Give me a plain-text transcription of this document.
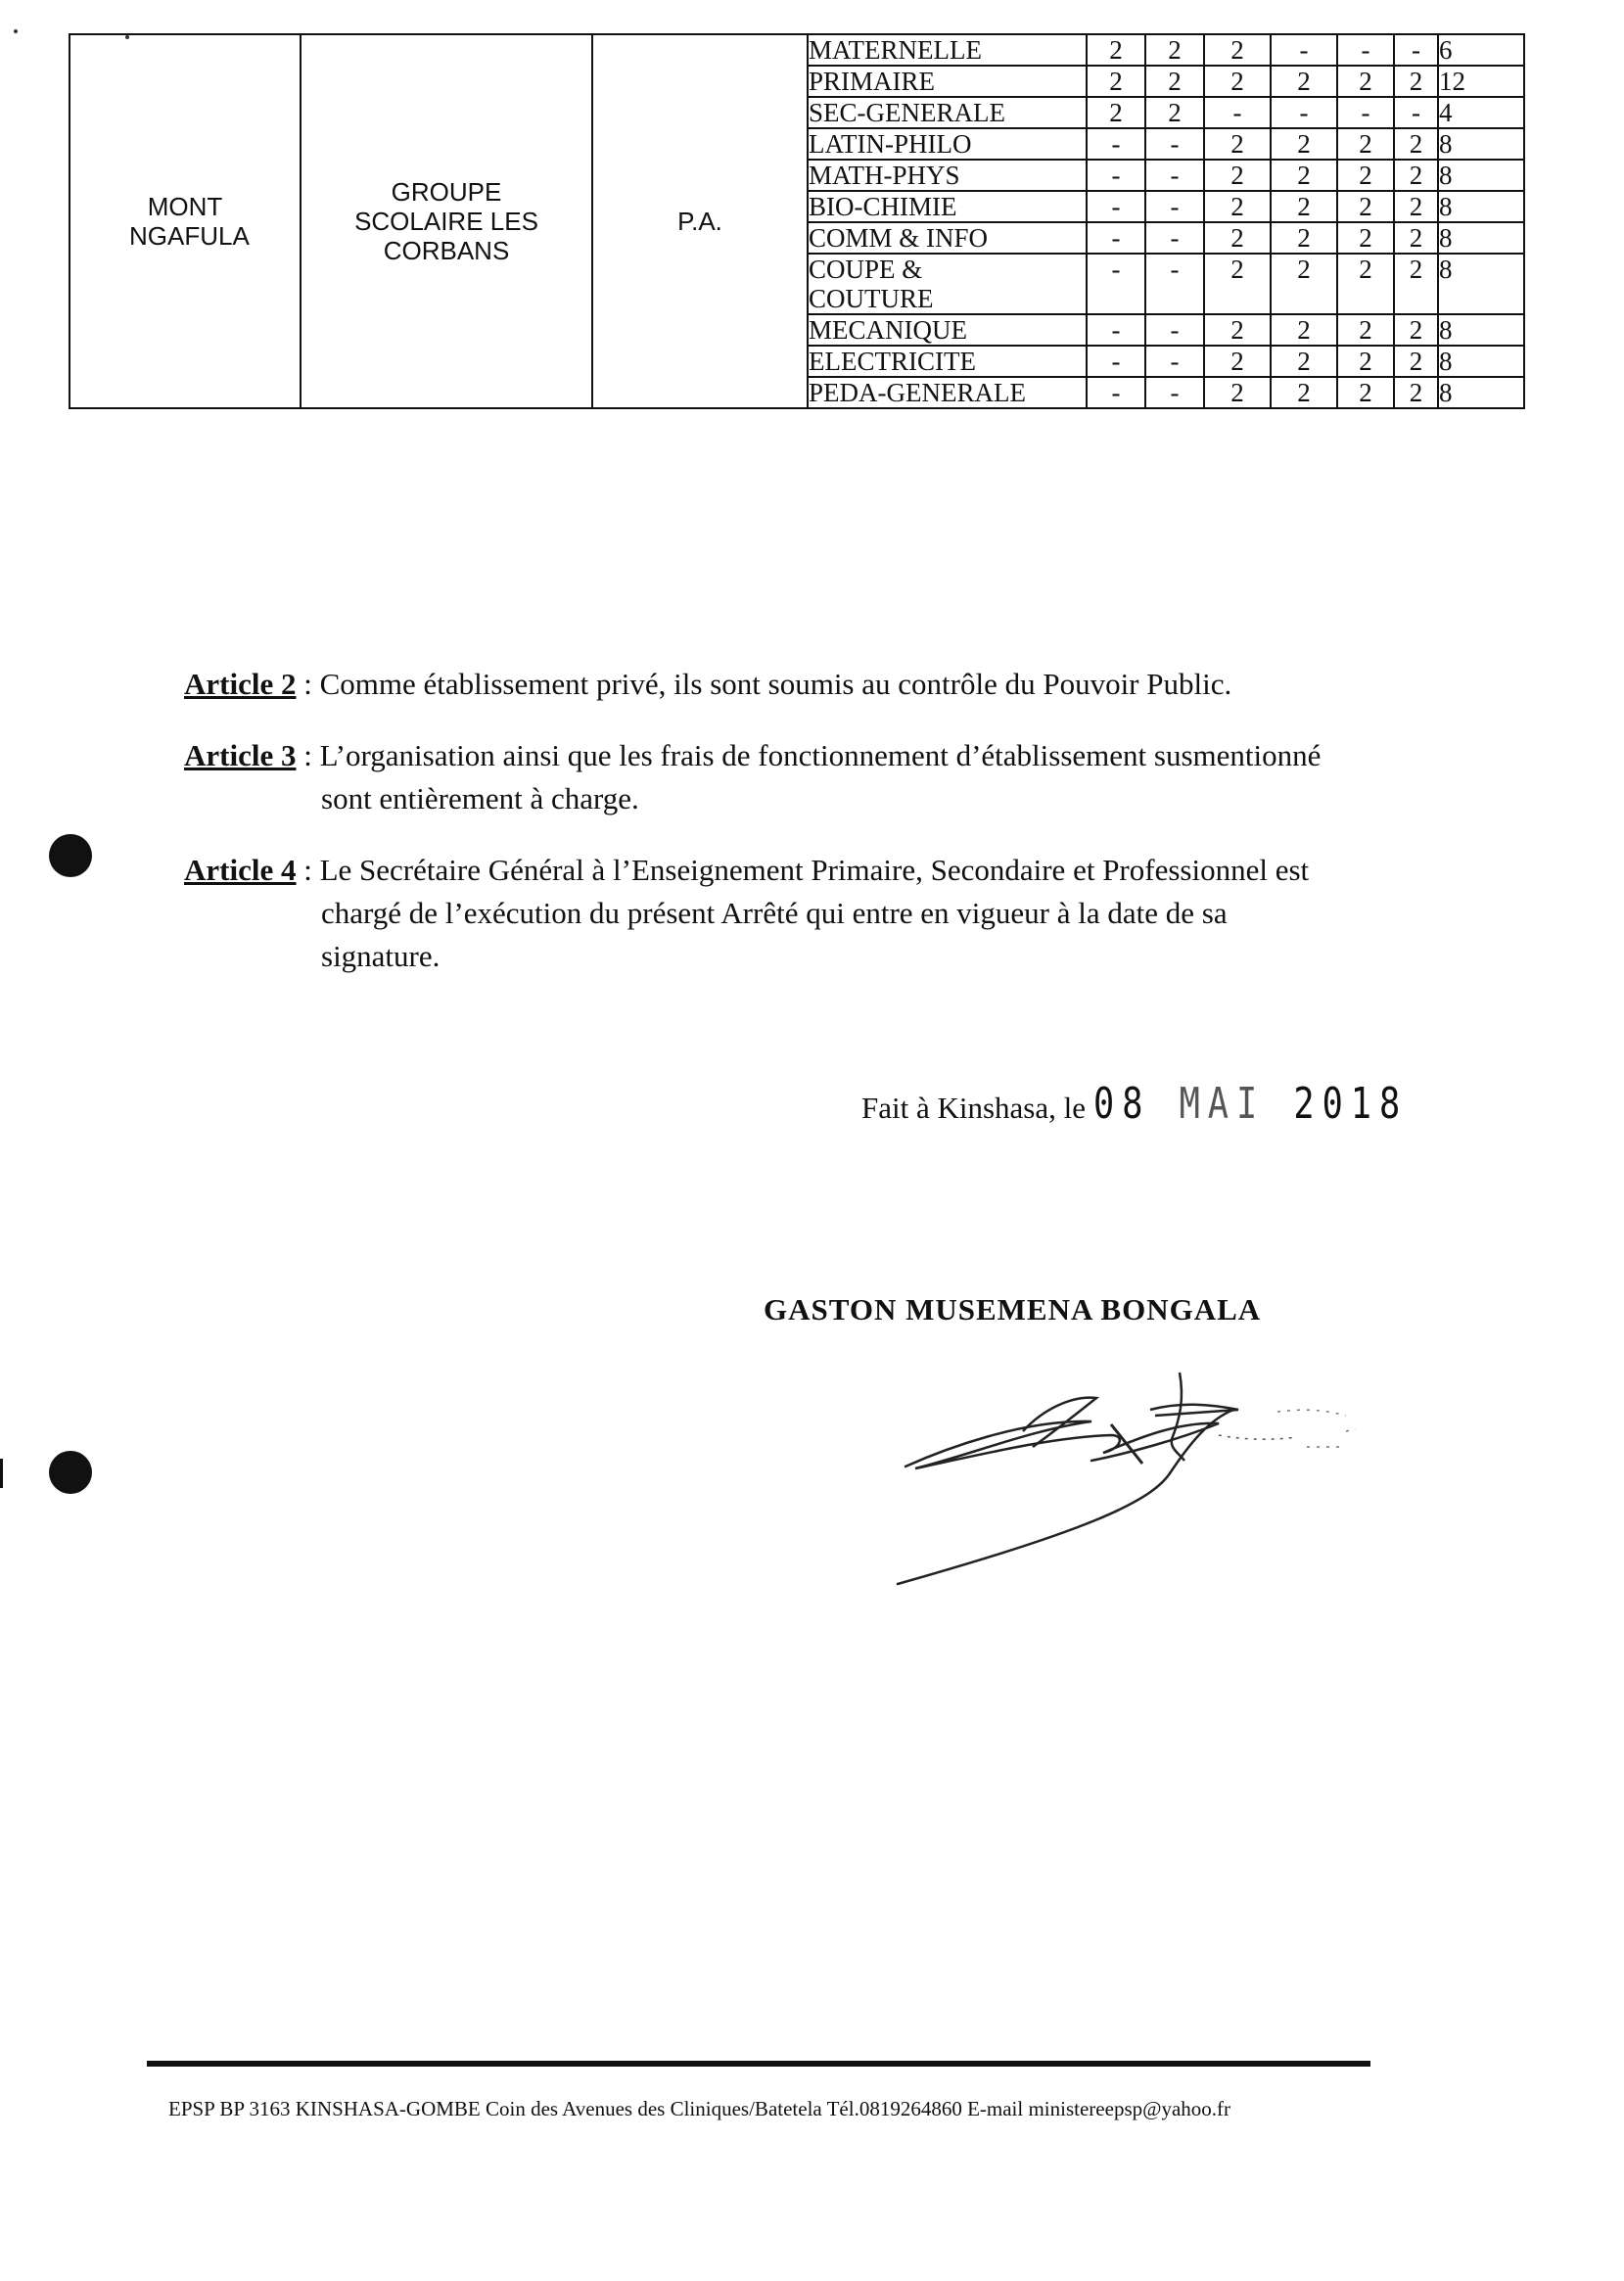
MONT NGAFULA	GROUPE SCOLAIRE LES CORBANS	P.A.	MATERNELLE	2	2	2	-	-	-	6
			PRIMAIRE	2	2	2	2	2	2	12
			SEC-GENERALE	2	2	-	-	-	-	4
			LATIN-PHILO	-	-	2	2	2	2	8
			MATH-PHYS	-	-	2	2	2	2	8
			BIO-CHIMIE	-	-	2	2	2	2	8
			COMM & INFO	-	-	2	2	2	2	8
			COUPE & COUTURE	-	-	2	2	2	2	8
			MECANIQUE	-	-	2	2	2	2	8
			ELECTRICITE	-	-	2	2	2	2	8
			PEDA-GENERALE	-	-	2	2	2	2	8
Article 2 : Comme établissement privé, ils sont soumis au contrôle du Pouvoir Public.
Article 3 : L’organisation ainsi que les frais de fonctionnement d’établissement susmentionné
sont entièrement à charge.
Article 4 : Le Secrétaire Général à l’Enseignement Primaire, Secondaire et Professionnel est
chargé de l’exécution du présent Arrêté qui entre en vigueur à la date de sa
signature.
Fait à Kinshasa, le 08 MAI 2018
GASTON MUSEMENA BONGALA
EPSP BP 3163 KINSHASA-GOMBE Coin des Avenues des Cliniques/Batetela Tél.0819264860 E-mail ministereepsp@yahoo.fr
